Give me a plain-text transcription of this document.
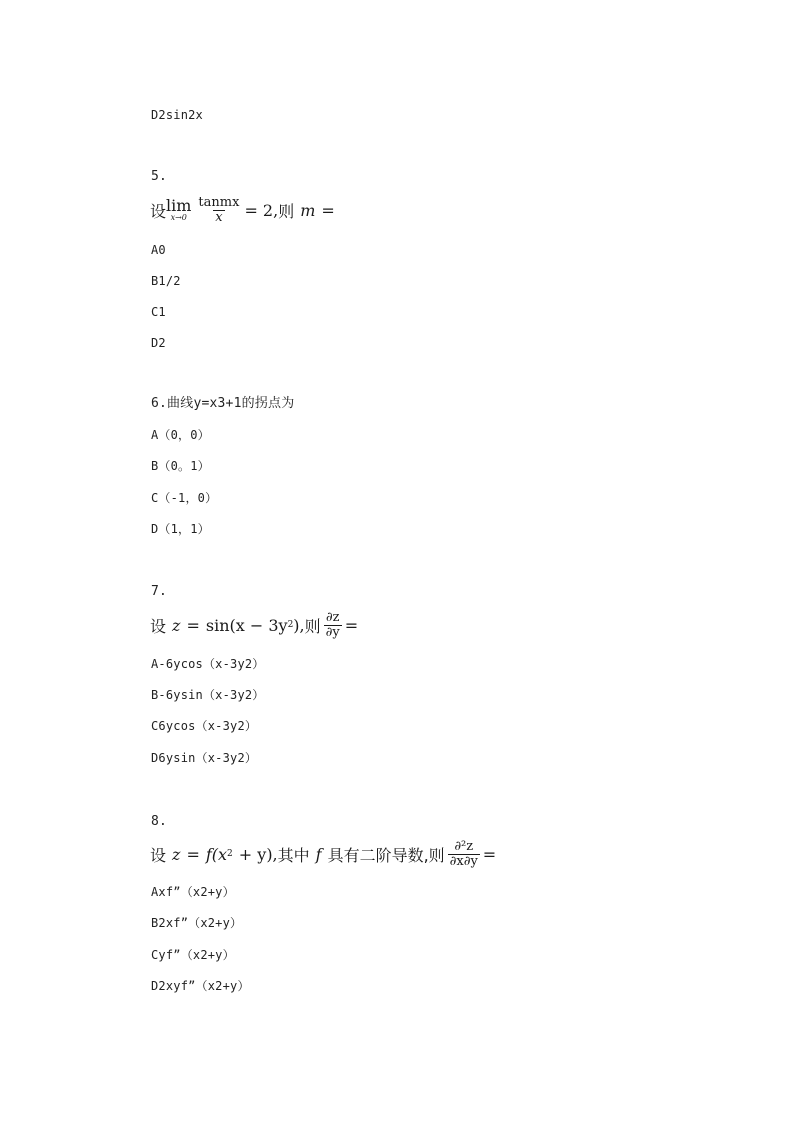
D2sin2x
5.
设 lim
$x\to 0 \frac{\text{tanmx}}{x} = 2$, 则 m =
A0
B1/2
C1
D2
6.曲线y=x3+1的拐点为
A（0，0）
B（0。1）
C（-1，0）
D（1，1）
7.
设 z = sin(x − 3y 2 ), 则 $\frac{\partial z}{\partial y}$ =
A-6ycos（x-3y2）
B-6ysin（x-3y2）
C6ycos（x-3y2）
D6ysin（x-3y2）
8.
设 z = f(x 2 + y), 其中 f 具有二阶导数,则 $\frac{\text{∂²z}}{\partial x\partial y}$ =
Axf”（x2+y）
B2xf”（x2+y）
Cyf”（x2+y）
D2xyf”（x2+y）
